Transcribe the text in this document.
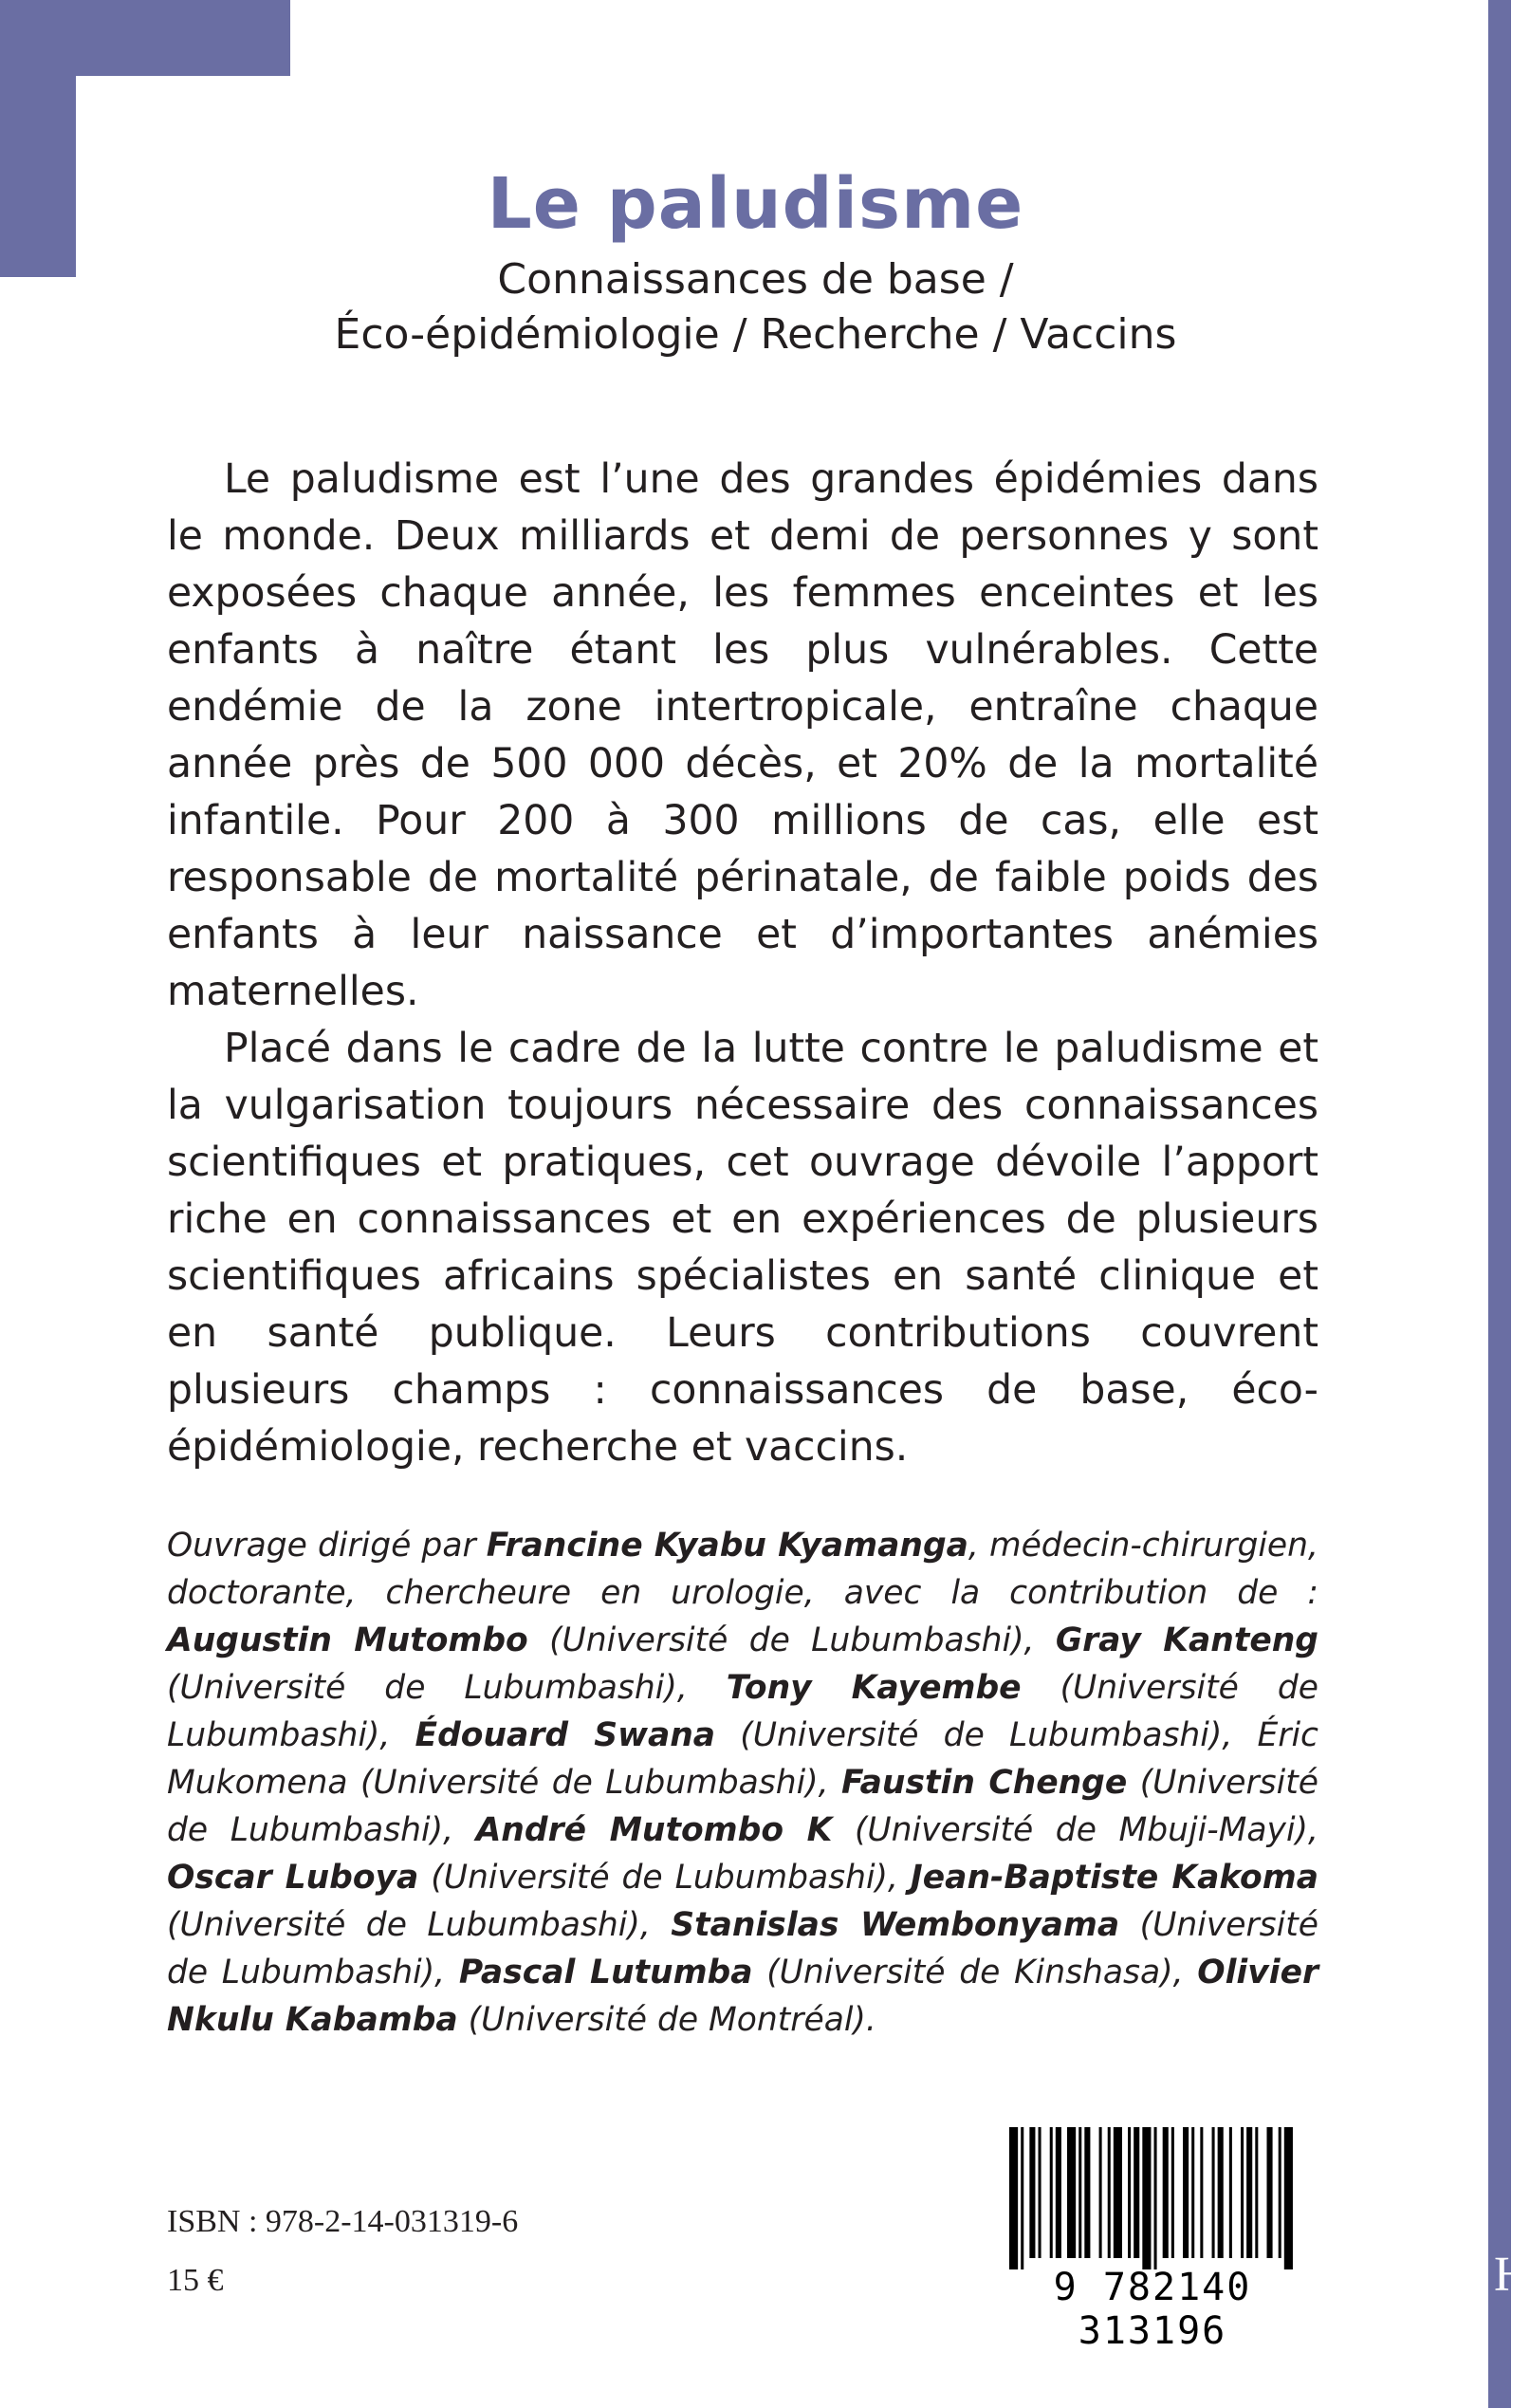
H
Le paludisme
Connaissances de base /
Éco-épidémiologie / Recherche / Vaccins

Le paludisme est l’une des grandes épidémies dans le monde. Deux milliards et demi de personnes y sont exposées chaque année, les femmes enceintes et les enfants à naître étant les plus vulnérables. Cette endémie de la zone intertropicale, entraîne chaque année près de 500 000 décès, et 20% de la mortalité infantile. Pour 200 à 300 millions de cas, elle est responsable de mortalité périnatale, de faible poids des enfants à leur naissance et d’importantes anémies maternelles.

Placé dans le cadre de la lutte contre le paludisme et la vulgarisation toujours nécessaire des connaissances scientifiques et pratiques, cet ouvrage dévoile l’apport riche en connaissances et en expériences de plusieurs scientifiques africains spécialistes en santé clinique et en santé publique. Leurs contributions couvrent plusieurs champs : connaissances de base, éco-épidémiologie, recherche et vaccins.

Ouvrage dirigé par Francine Kyabu Kyamanga, médecin-chirurgien, doctorante, chercheure en urologie, avec la contribution de : Augustin Mutombo (Université de Lubumbashi), Gray Kanteng (Université de Lubumbashi), Tony Kayembe (Université de Lubumbashi), Édouard Swana (Université de Lubumbashi), Éric Mukomena (Université de Lubumbashi), Faustin Chenge (Université de Lubumbashi), André Mutombo K (Université de Mbuji-Mayi), Oscar Luboya (Université de Lubumbashi), Jean-Baptiste Kakoma (Université de Lubumbashi), Stanislas Wembonyama (Université de Lubumbashi), Pascal Lutumba (Université de Kinshasa), Olivier Nkulu Kabamba (Université de Montréal).
ISBN : 978-2-14-031319-6
15 €	9 782140 313196
